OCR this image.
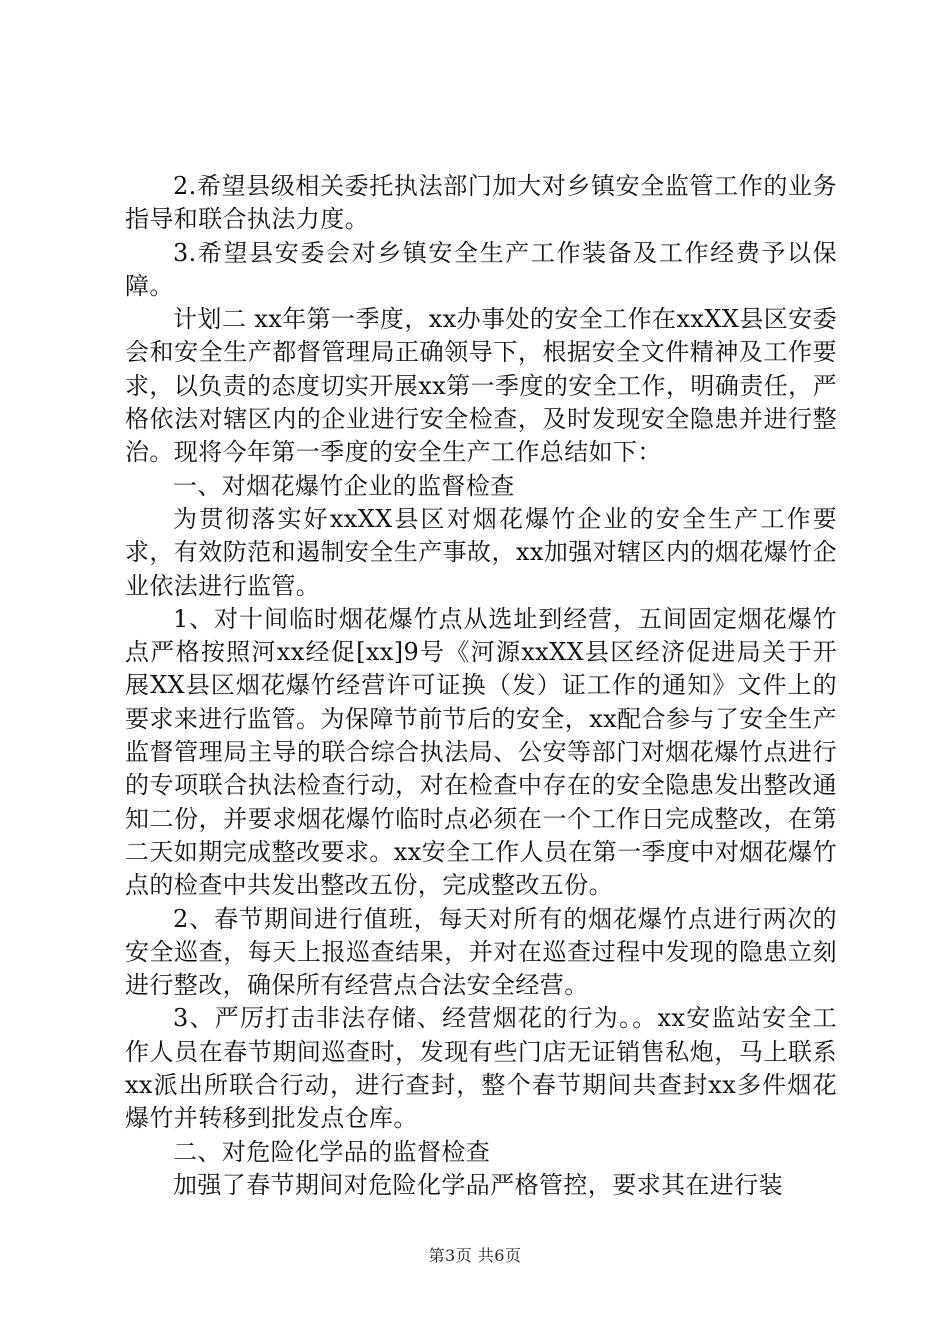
2.希望县级相关委托执法部门加大对乡镇安全监管工作的业务指导和联合执法力度。

3.希望县安委会对乡镇安全生产工作装备及工作经费予以保障。

计划二 xx年第一季度，xx办事处的安全工作在xxXX县区安委会和安全生产都督管理局正确领导下，根据安全文件精神及工作要求，以负责的态度切实开展xx第一季度的安全工作，明确责任，严格依法对辖区内的企业进行安全检查，及时发现安全隐患并进行整治。现将今年第一季度的安全生产工作总结如下：

一、对烟花爆竹企业的监督检查

为贯彻落实好xxXX县区对烟花爆竹企业的安全生产工作要求，有效防范和遏制安全生产事故，xx加强对辖区内的烟花爆竹企业依法进行监管。

1、对十间临时烟花爆竹点从选址到经营，五间固定烟花爆竹点严格按照河xx经促[xx]9号《河源xxXX县区经济促进局关于开展XX县区烟花爆竹经营许可证换（发）证工作的通知》文件上的要求来进行监管。为保障节前节后的安全，xx配合参与了安全生产监督管理局主导的联合综合执法局、公安等部门对烟花爆竹点进行的专项联合执法检查行动，对在检查中存在的安全隐患发出整改通知二份，并要求烟花爆竹临时点必须在一个工作日完成整改，在第二天如期完成整改要求。xx安全工作人员在第一季度中对烟花爆竹点的检查中共发出整改五份，完成整改五份。

2、春节期间进行值班，每天对所有的烟花爆竹点进行两次的安全巡查，每天上报巡查结果，并对在巡查过程中发现的隐患立刻进行整改，确保所有经营点合法安全经营。

3、严厉打击非法存储、经营烟花的行为。。xx安监站安全工作人员在春节期间巡查时，发现有些门店无证销售私炮，马上联系xx派出所联合行动，进行查封，整个春节期间共查封xx多件烟花爆竹并转移到批发点仓库。

二、对危险化学品的监督检查

加强了春节期间对危险化学品严格管控，要求其在进行装

第3页 共6页
